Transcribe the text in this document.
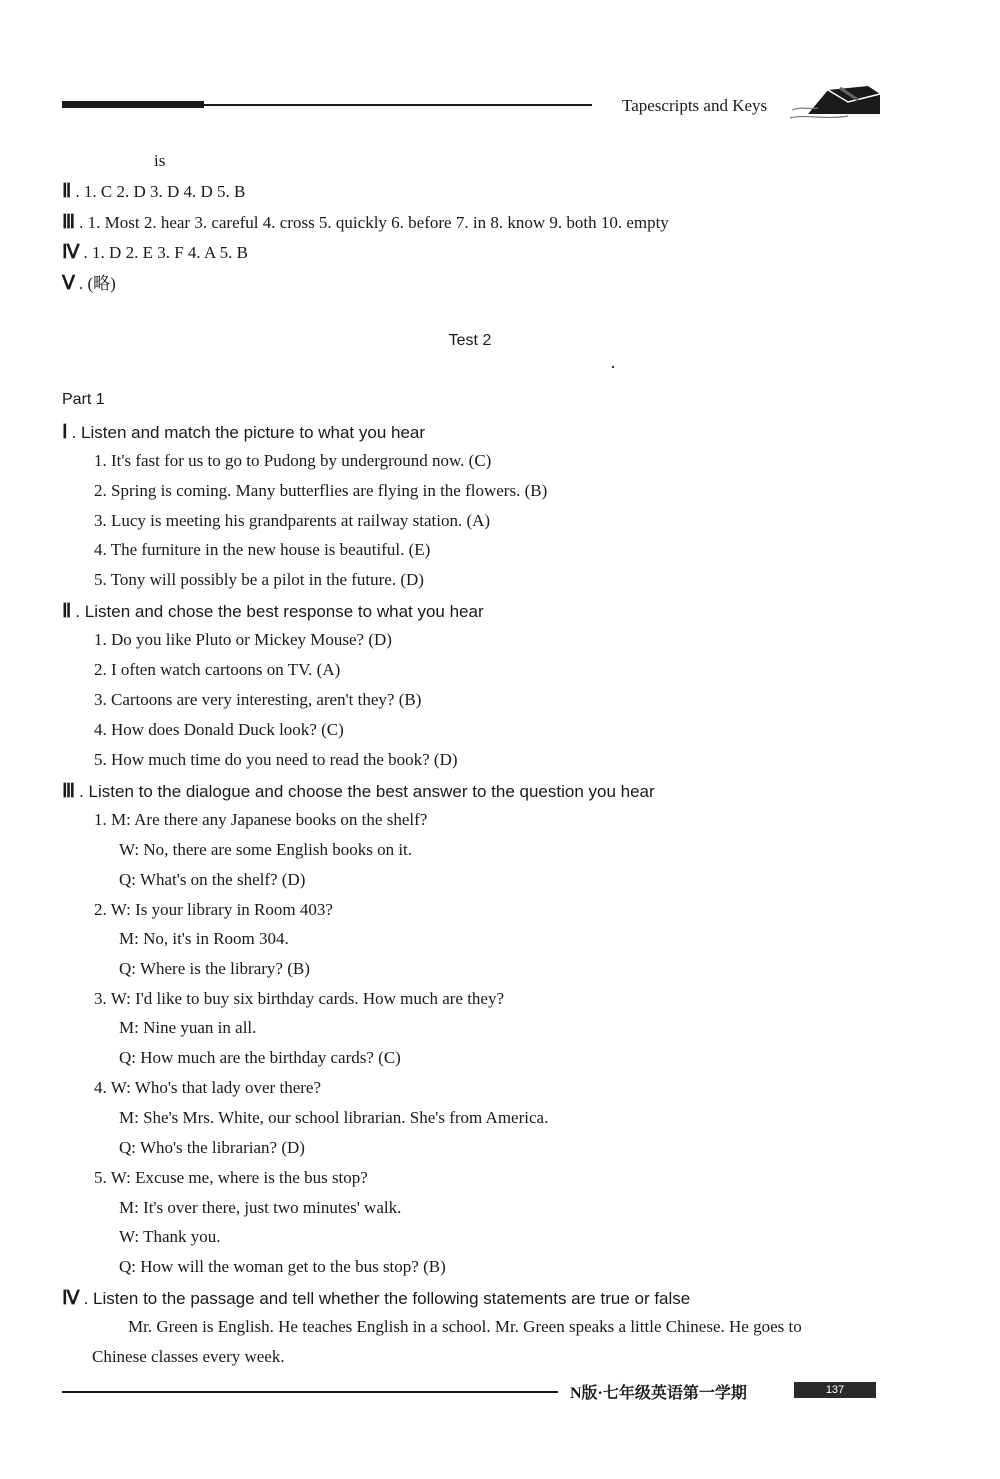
Tapescripts and Keys
is
Ⅱ . 1. C 2. D 3. D 4. D 5. B
Ⅲ . 1. Most 2. hear 3. careful 4. cross 5. quickly 6. before 7. in 8. know 9. both 10. empty
Ⅳ . 1. D 2. E 3. F 4. A 5. B
Ⅴ . (略)
Test 2
Part 1
Ⅰ . Listen and match the picture to what you hear
1. It's fast for us to go to Pudong by underground now. (C)
2. Spring is coming. Many butterflies are flying in the flowers. (B)
3. Lucy is meeting his grandparents at railway station. (A)
4. The furniture in the new house is beautiful. (E)
5. Tony will possibly be a pilot in the future. (D)
Ⅱ . Listen and chose the best response to what you hear
1. Do you like Pluto or Mickey Mouse? (D)
2. I often watch cartoons on TV. (A)
3. Cartoons are very interesting, aren't they? (B)
4. How does Donald Duck look? (C)
5. How much time do you need to read the book? (D)
Ⅲ . Listen to the dialogue and choose the best answer to the question you hear
1. M: Are there any Japanese books on the shelf?
W: No, there are some English books on it.
Q: What's on the shelf? (D)
2. W: Is your library in Room 403?
M: No, it's in Room 304.
Q: Where is the library? (B)
3. W: I'd like to buy six birthday cards. How much are they?
M: Nine yuan in all.
Q: How much are the birthday cards? (C)
4. W: Who's that lady over there?
M: She's Mrs. White, our school librarian. She's from America.
Q: Who's the librarian? (D)
5. W: Excuse me, where is the bus stop?
M: It's over there, just two minutes' walk.
W: Thank you.
Q: How will the woman get to the bus stop? (B)
Ⅳ . Listen to the passage and tell whether the following statements are true or false
Mr. Green is English. He teaches English in a school. Mr. Green speaks a little Chinese. He goes to
Chinese classes every week.
N版·七年级英语第一学期	137
